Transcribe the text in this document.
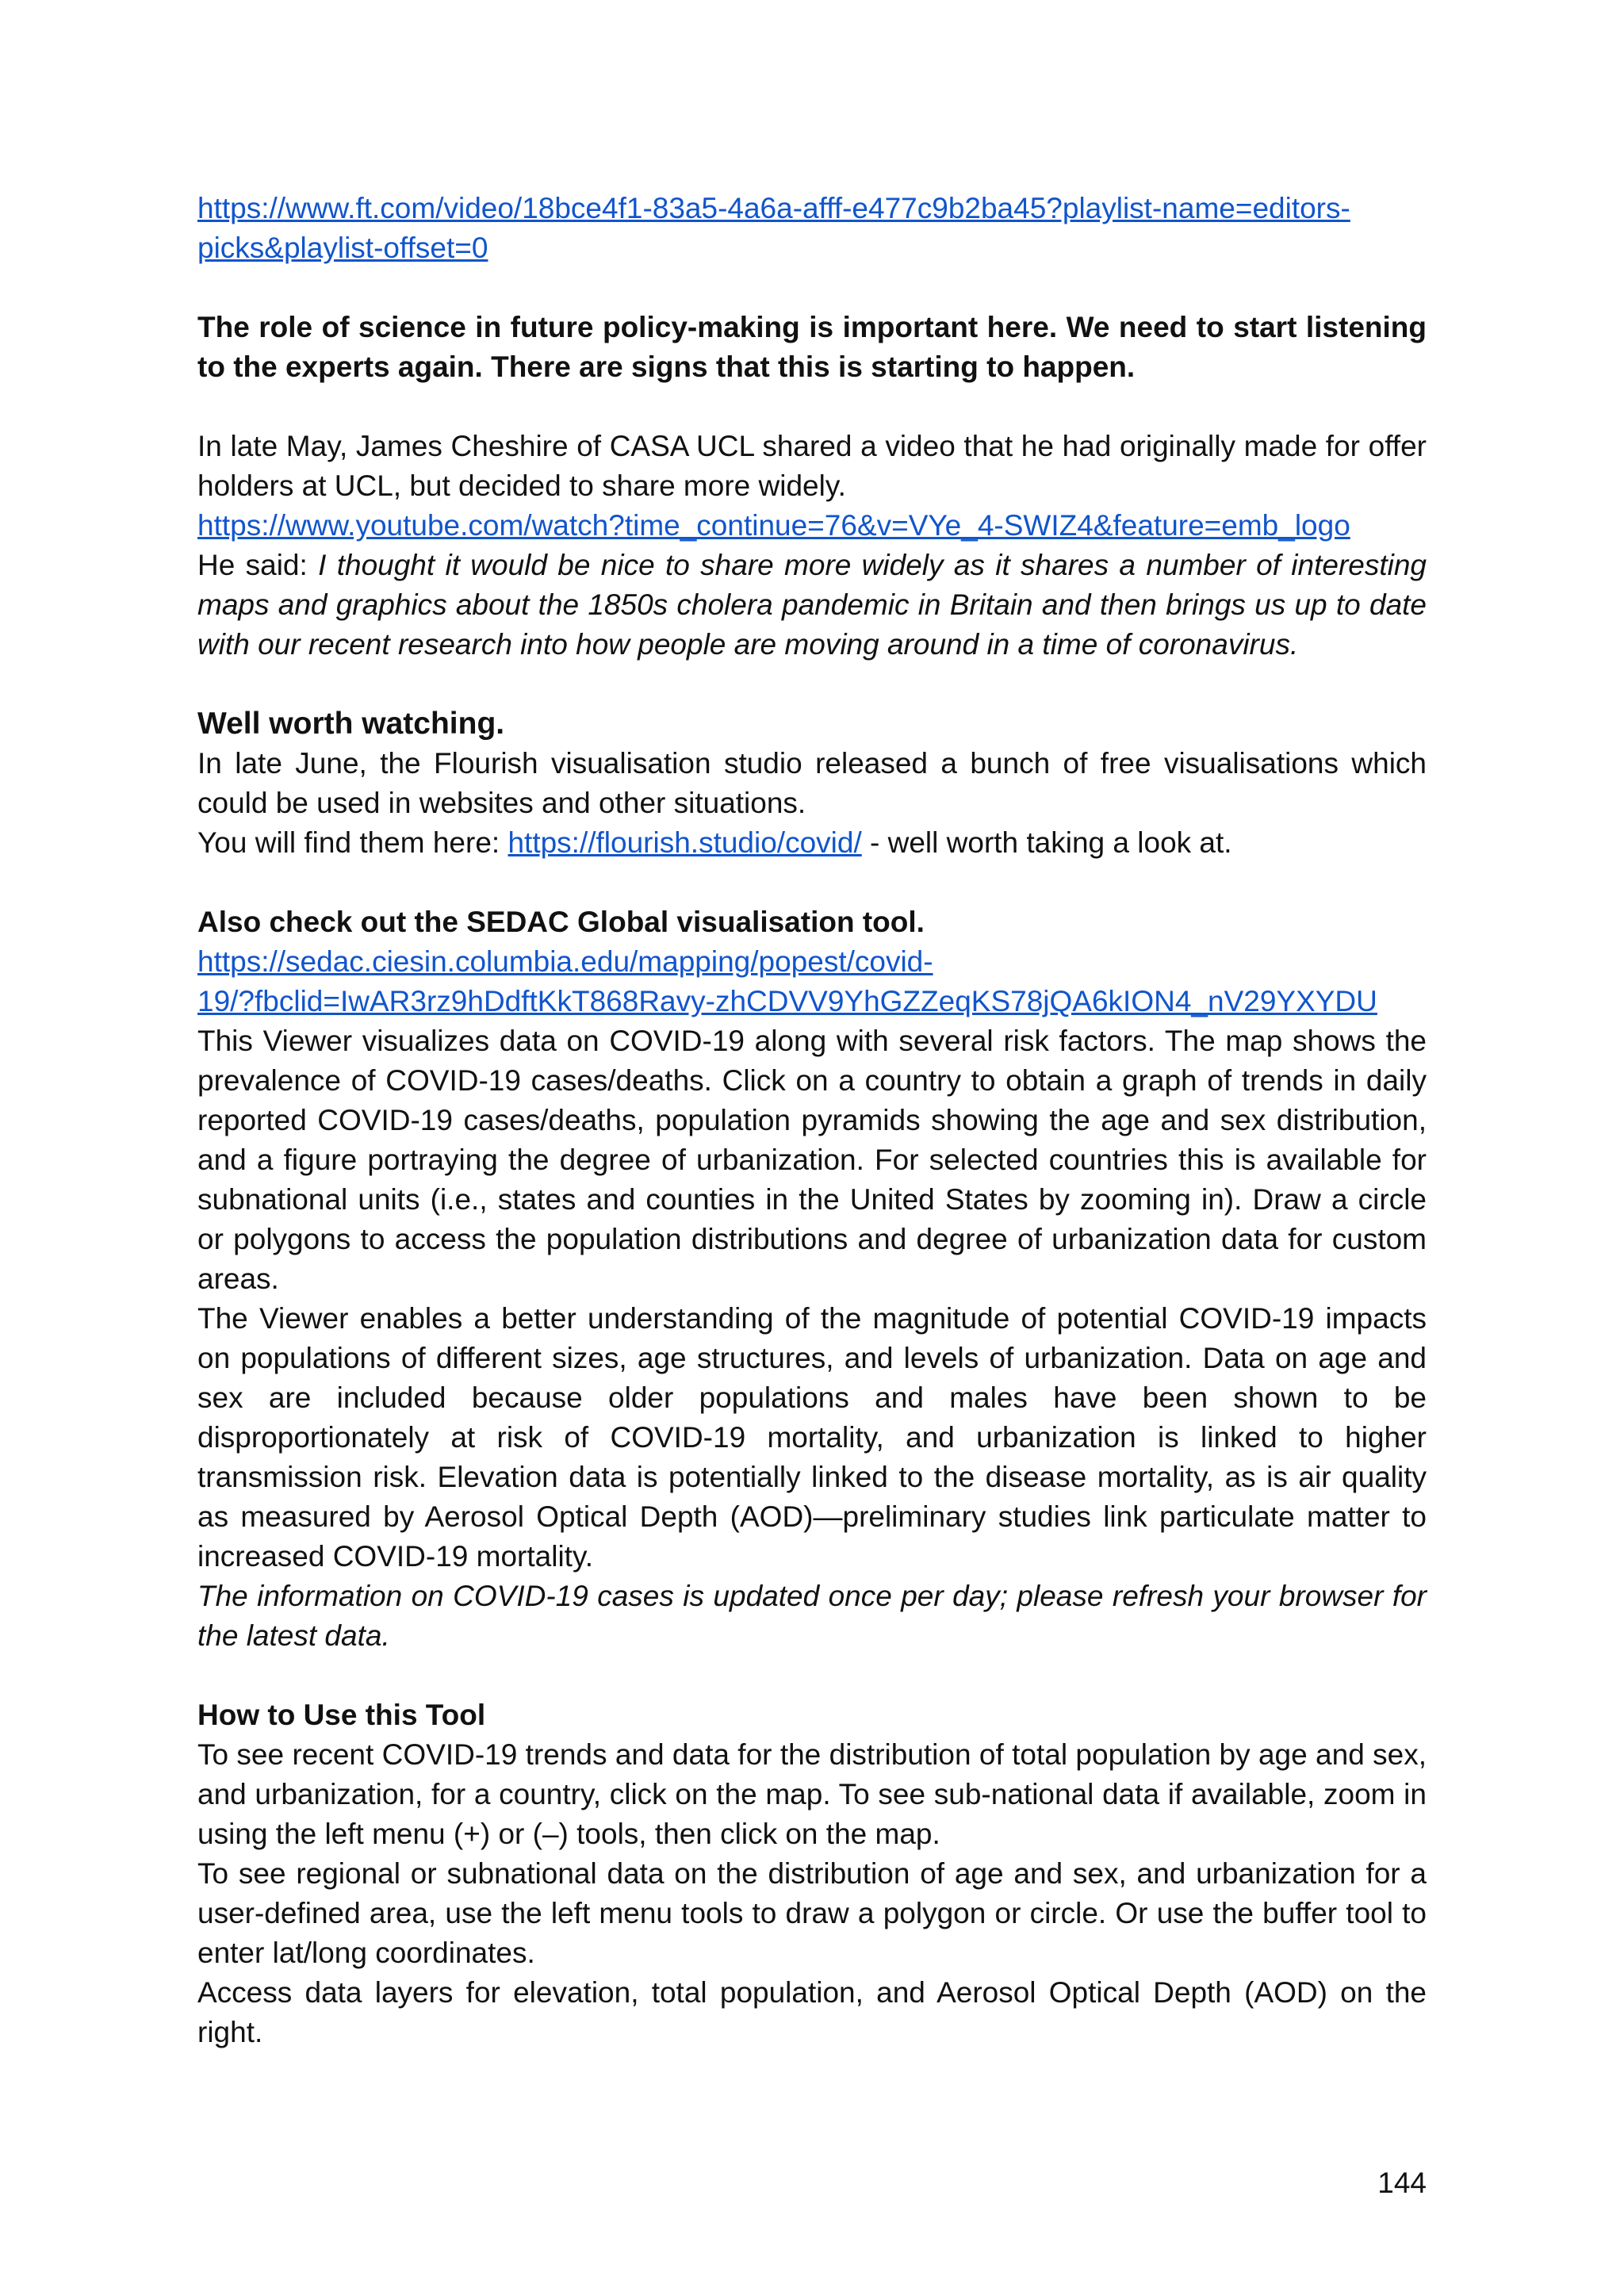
https://www.ft.com/video/18bce4f1-83a5-4a6a-afff-e477c9b2ba45?playlist-name=editors-
picks&playlist-offset=0

The role of science in future policy-making is important here. We need to start listening to the experts again. There are signs that this is starting to happen.

In late May, James Cheshire of CASA UCL shared a video that he had originally made for offer holders at UCL, but decided to share more widely.

https://www.youtube.com/watch?time_continue=76&v=VYe_4-SWIZ4&feature=emb_logo

He said: I thought it would be nice to share more widely as it shares a number of interesting maps and graphics about the 1850s cholera pandemic in Britain and then brings us up to date with our recent research into how people are moving around in a time of coronavirus.

Well worth watching.

In late June, the Flourish visualisation studio released a bunch of free visualisations which could be used in websites and other situations.

You will find them here: https://flourish.studio/covid/ - well worth taking a look at.

Also check out the SEDAC Global visualisation tool.

https://sedac.ciesin.columbia.edu/mapping/popest/covid-
19/?fbclid=IwAR3rz9hDdftKkT868Ravy-zhCDVV9YhGZZeqKS78jQA6kION4_nV29YXYDU

This Viewer visualizes data on COVID-19 along with several risk factors. The map shows the prevalence of COVID-19 cases/deaths. Click on a country to obtain a graph of trends in daily reported COVID-19 cases/deaths, population pyramids showing the age and sex distribution, and a figure portraying the degree of urbanization. For selected countries this is available for subnational units (i.e., states and counties in the United States by zooming in). Draw a circle or polygons to access the population distributions and degree of urbanization data for custom areas.

The Viewer enables a better understanding of the magnitude of potential COVID-19 impacts on populations of different sizes, age structures, and levels of urbanization. Data on age and sex are included because older populations and males have been shown to be disproportionately at risk of COVID-19 mortality, and urbanization is linked to higher transmission risk. Elevation data is potentially linked to the disease mortality, as is air quality as measured by Aerosol Optical Depth (AOD)—preliminary studies link particulate matter to increased COVID-19 mortality.

The information on COVID-19 cases is updated once per day; please refresh your browser for the latest data.

How to Use this Tool

To see recent COVID-19 trends and data for the distribution of total population by age and sex, and urbanization, for a country, click on the map. To see sub-national data if available, zoom in using the left menu (+) or (–) tools, then click on the map.

To see regional or subnational data on the distribution of age and sex, and urbanization for a user-defined area, use the left menu tools to draw a polygon or circle. Or use the buffer tool to enter lat/long coordinates.

Access data layers for elevation, total population, and Aerosol Optical Depth (AOD) on the right.

144
